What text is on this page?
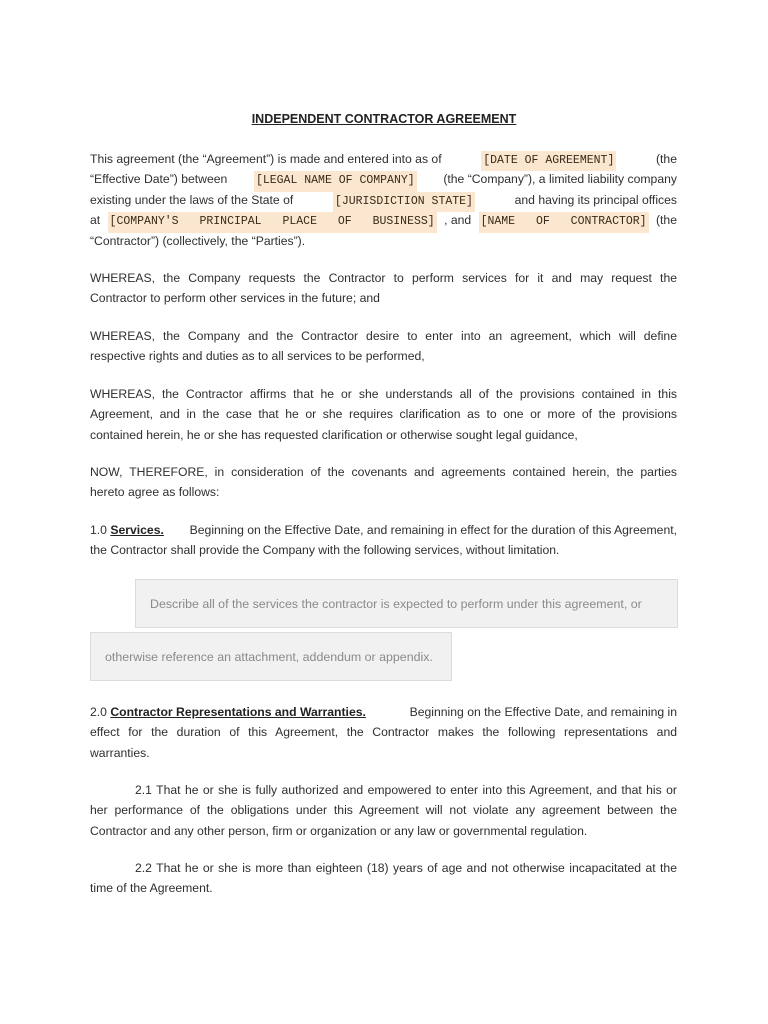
INDEPENDENT CONTRACTOR AGREEMENT
This agreement (the “Agreement”) is made and entered into as of	[DATE OF AGREEMENT]	(the
“Effective Date”) between [LEGAL NAME OF COMPANY] (the “Company”), a limited liability company
existing under the laws of the State of	[JURISDICTION STATE]	and having its principal offices
at [COMPANY'S PRINCIPAL PLACE OF BUSINESS] , and [NAME OF CONTRACTOR] (the
“Contractor”) (collectively, the “Parties”).
WHEREAS, the Company requests the Contractor to perform services for it and may request the
Contractor to perform other services in the future; and
WHEREAS, the Company and the Contractor desire to enter into an agreement, which will define
respective rights and duties as to all services to be performed,
WHEREAS, the Contractor affirms that he or she understands all of the provisions contained in this
Agreement, and in the case that he or she requires clarification as to one or more of the provisions
contained herein, he or she has requested clarification or otherwise sought legal guidance,
NOW, THEREFORE, in consideration of the covenants and agreements contained herein, the parties
hereto agree as follows:
1.0 Services. Beginning on the Effective Date, and remaining in effect for the duration of this Agreement,
the Contractor shall provide the Company with the following services, without limitation.
Describe all of the services the contractor is expected to perform under this agreement, or
otherwise reference an attachment, addendum or appendix.
2.0 Contractor Representations and Warranties.	Beginning on the Effective Date, and remaining in
effect for the duration of this Agreement, the Contractor makes the following representations and
warranties.
2.1 That he or she is fully authorized and empowered to enter into this Agreement, and that his or
her performance of the obligations under this Agreement will not violate any agreement between the
Contractor and any other person, firm or organization or any law or governmental regulation.
2.2 That he or she is more than eighteen (18) years of age and not otherwise incapacitated at the
time of the Agreement.
